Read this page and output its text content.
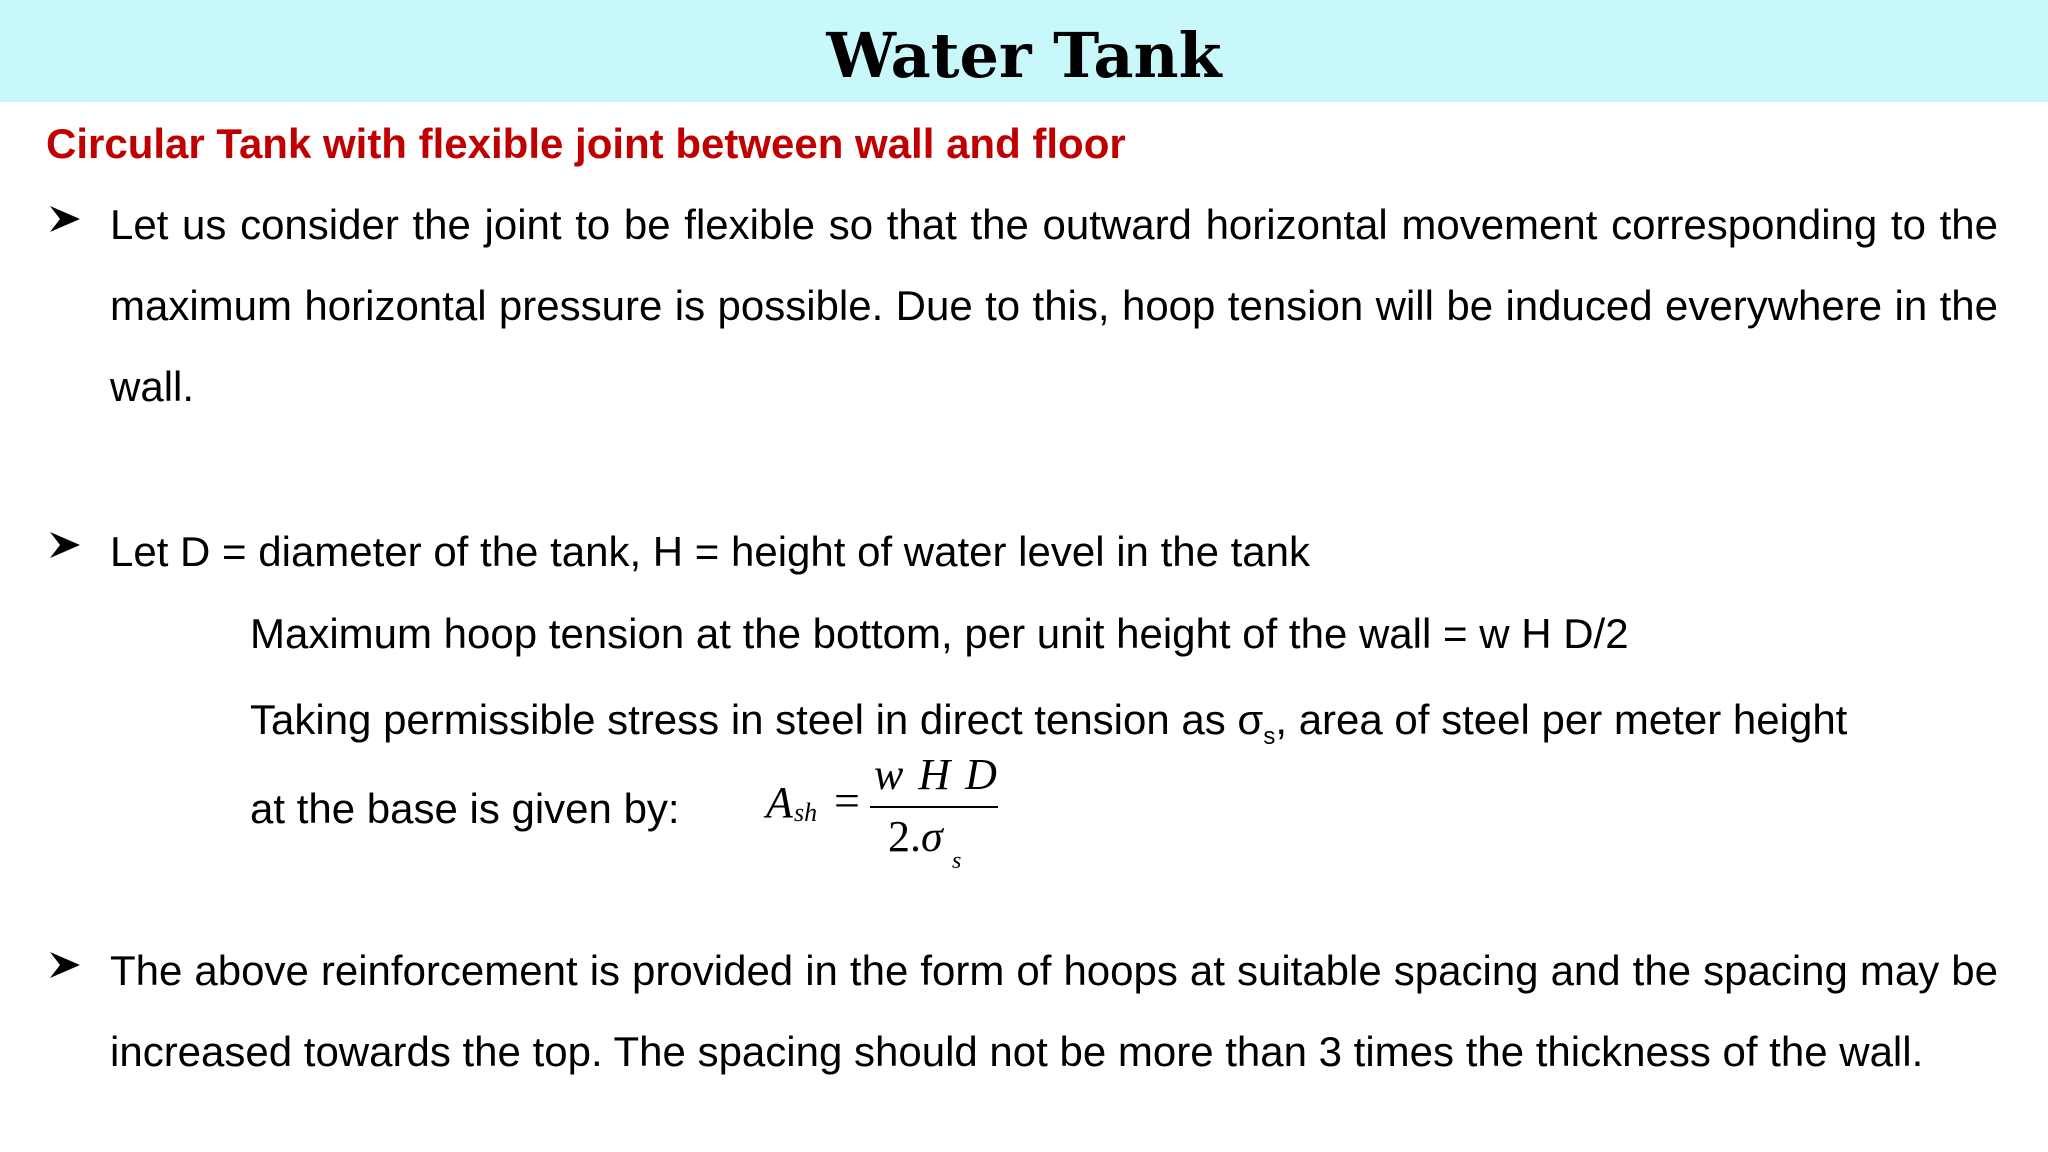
Water Tank
Circular Tank with flexible joint between wall and floor
Let us consider the joint to be flexible so that the outward horizontal movement corresponding to the maximum horizontal pressure is possible. Due to this, hoop tension will be induced everywhere in the wall.
Let D = diameter of the tank, H = height of water level in the tank
Maximum hoop tension at the bottom, per unit height of the wall = w H D/2
Taking permissible stress in steel in direct tension as $\sigma_s$, area of steel per meter height
at the base is given by: A sh =
w H D
2.σ s
The above reinforcement is provided in the form of hoops at suitable spacing and the spacing may be increased towards the top. The spacing should not be more than 3 times the thickness of the wall.
